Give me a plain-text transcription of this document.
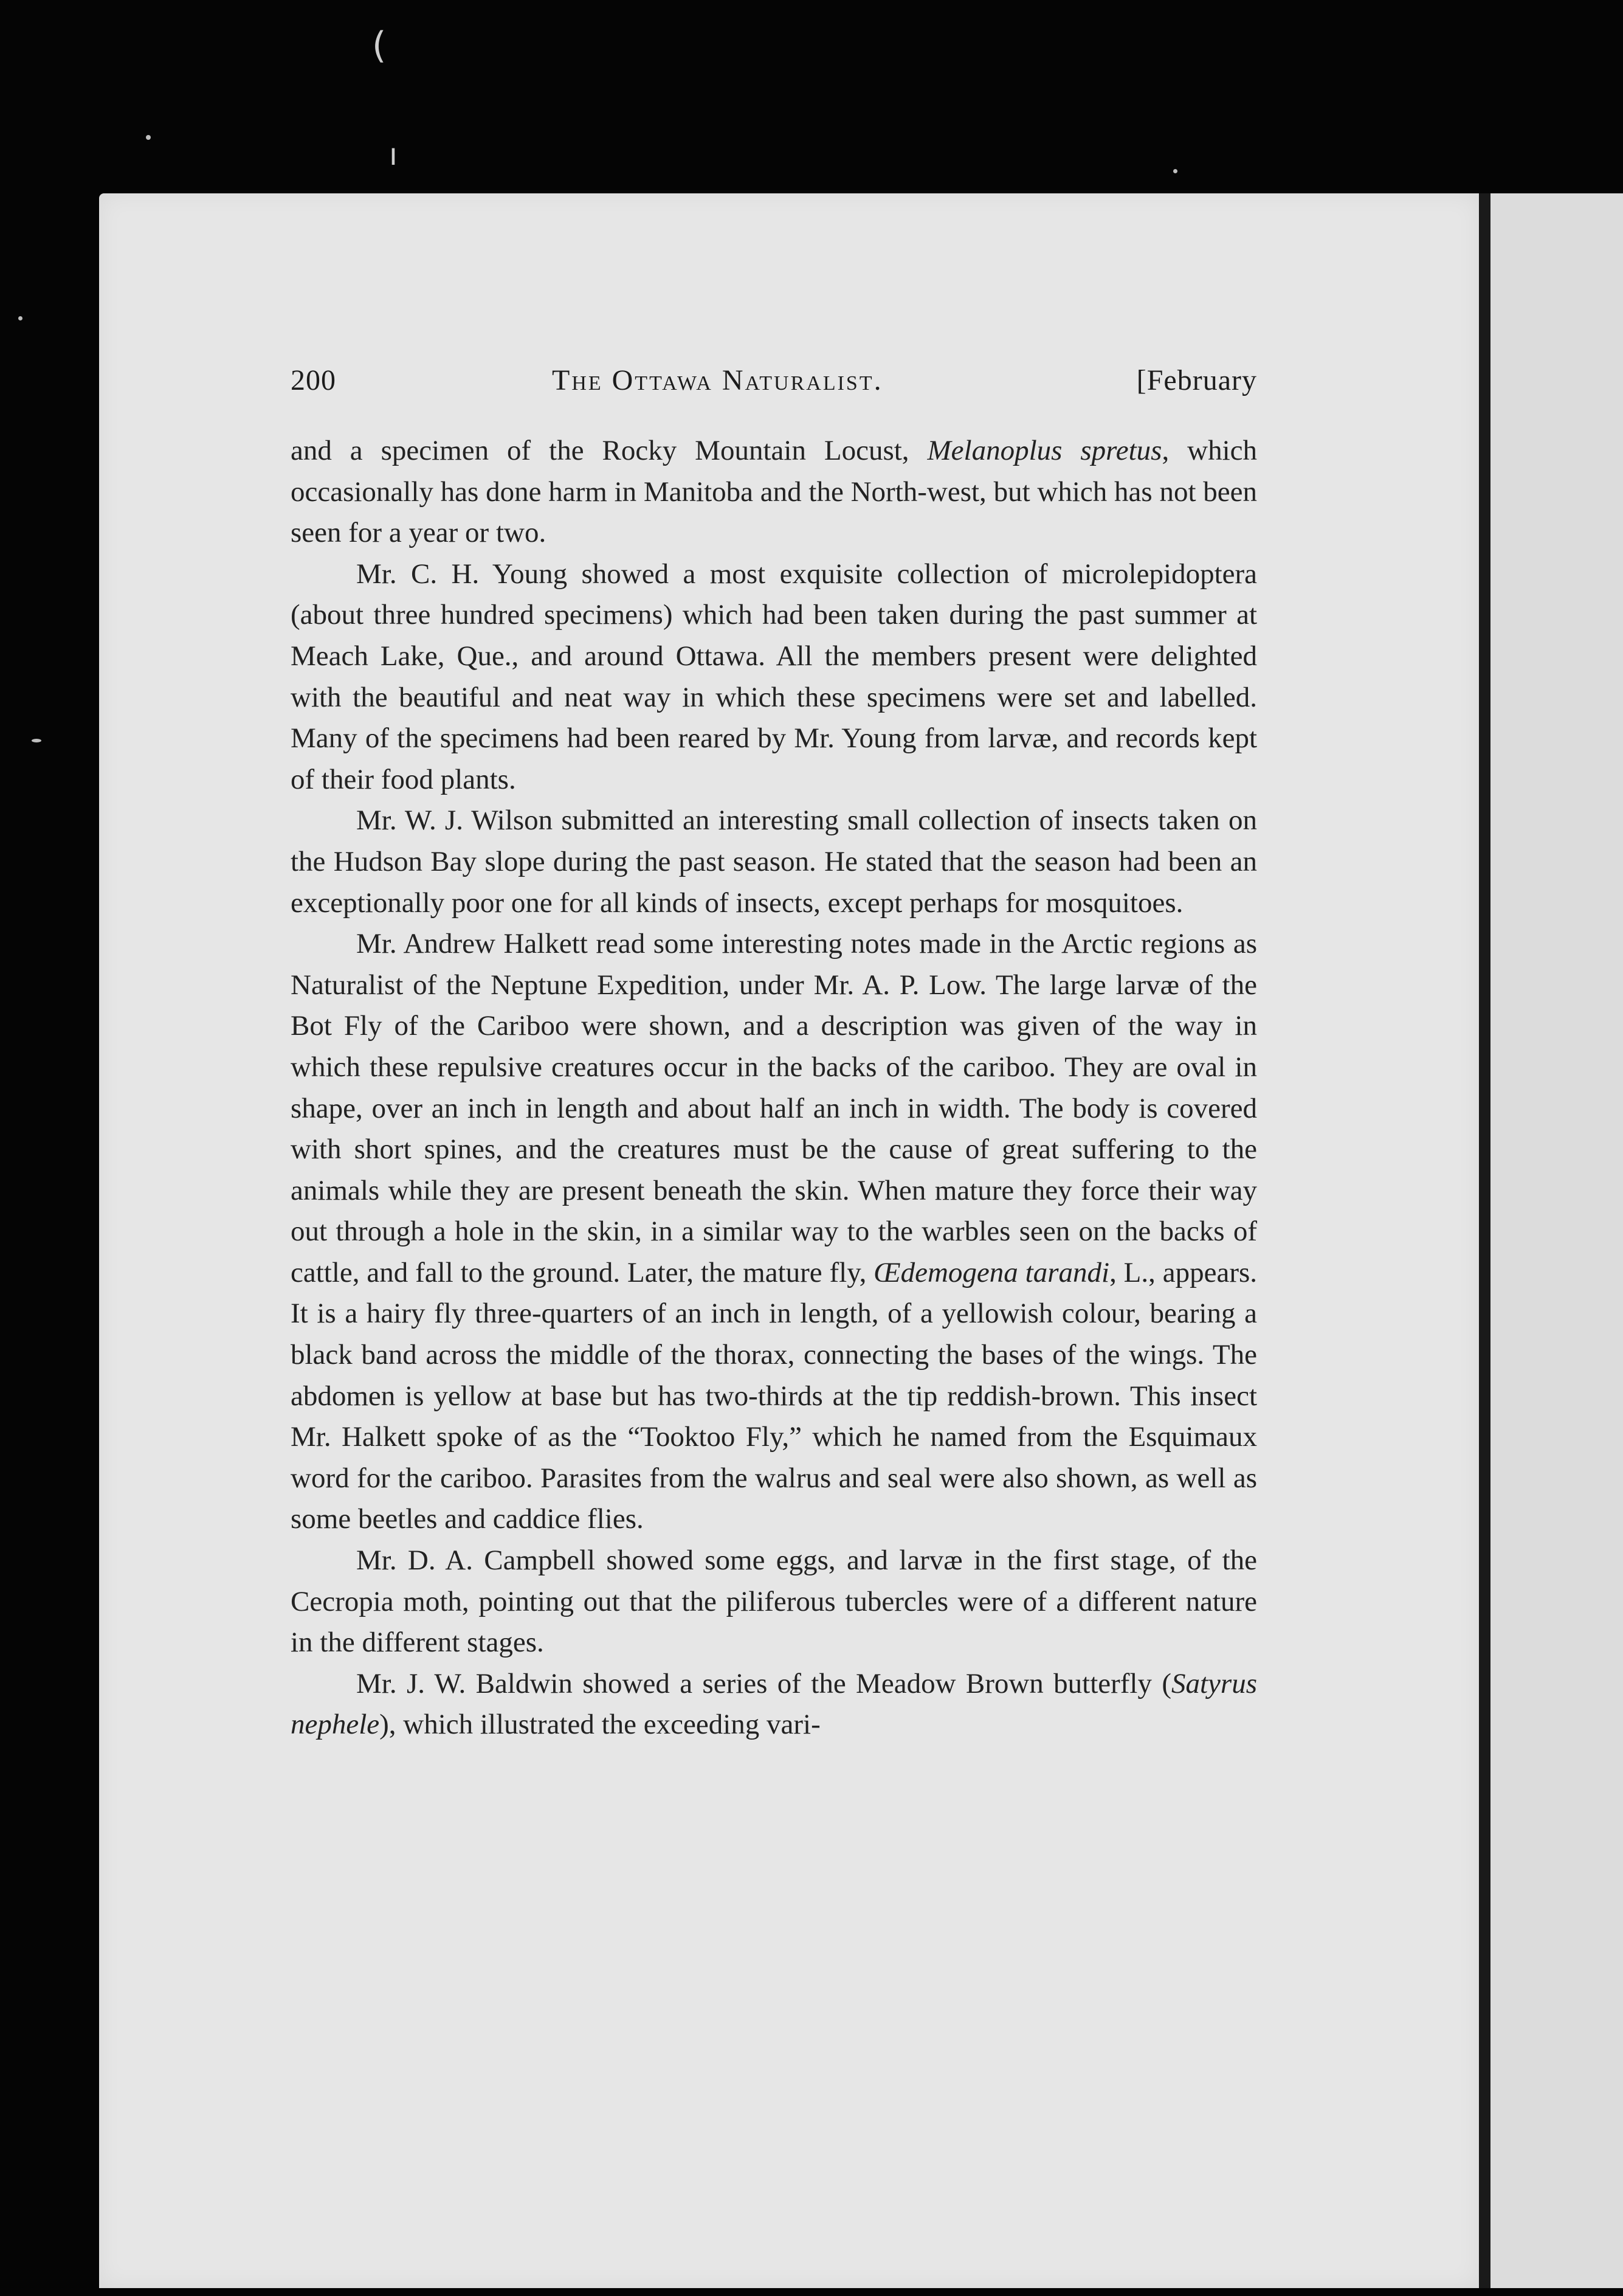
(
ı
200	The Ottawa Naturalist.	[February

and a specimen of the Rocky Mountain Locust, Melanoplus spretus, which occasionally has done harm in Manitoba and the North-west, but which has not been seen for a year or two.

Mr. C. H. Young showed a most exquisite collection of microlepidoptera (about three hundred specimens) which had been taken during the past summer at Meach Lake, Que., and around Ottawa. All the members present were delighted with the beautiful and neat way in which these specimens were set and labelled. Many of the specimens had been reared by Mr. Young from larvæ, and records kept of their food plants.

Mr. W. J. Wilson submitted an interesting small collection of insects taken on the Hudson Bay slope during the past season. He stated that the season had been an exceptionally poor one for all kinds of insects, except perhaps for mosquitoes.

Mr. Andrew Halkett read some interesting notes made in the Arctic regions as Naturalist of the Neptune Expedition, under Mr. A. P. Low. The large larvæ of the Bot Fly of the Cariboo were shown, and a description was given of the way in which these repulsive creatures occur in the backs of the cariboo. They are oval in shape, over an inch in length and about half an inch in width. The body is covered with short spines, and the creatures must be the cause of great suffering to the animals while they are present beneath the skin. When mature they force their way out through a hole in the skin, in a similar way to the warbles seen on the backs of cattle, and fall to the ground. Later, the mature fly, Œdemogena tarandi, L., appears. It is a hairy fly three-quarters of an inch in length, of a yellowish colour, bearing a black band across the middle of the thorax, connecting the bases of the wings. The abdomen is yellow at base but has two-thirds at the tip reddish-brown. This insect Mr. Halkett spoke of as the “Tooktoo Fly,” which he named from the Esquimaux word for the cariboo. Parasites from the walrus and seal were also shown, as well as some beetles and caddice flies.

Mr. D. A. Campbell showed some eggs, and larvæ in the first stage, of the Cecropia moth, pointing out that the piliferous tubercles were of a different nature in the different stages.

Mr. J. W. Baldwin showed a series of the Meadow Brown butterfly (Satyrus nephele), which illustrated the exceeding vari-
